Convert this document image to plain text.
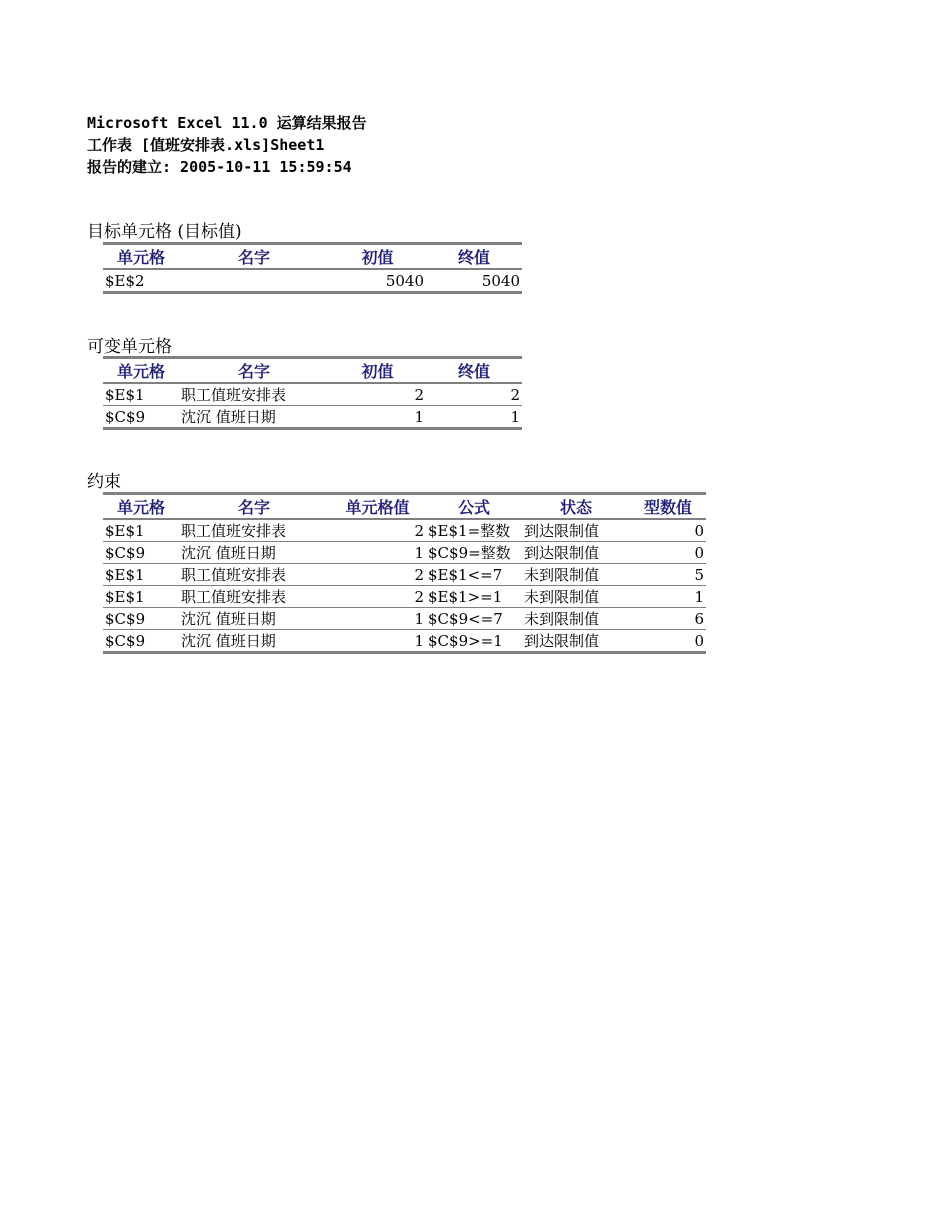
Microsoft Excel 11.0 运算结果报告
工作表 [值班安排表.xls]Sheet1
报告的建立: 2005-10-11 15:59:54
目标单元格 (目标值)
单元格	名字	初值	终值
$E$2		5040	5040
可变单元格
单元格	名字	初值	终值
$E$1	职工值班安排表	2	2
$C$9	沈沉 值班日期	1	1
约束
单元格	名字	单元格值	公式	状态	型数值
$E$1	职工值班安排表	2	$E$1=整数	到达限制值	0
$C$9	沈沉 值班日期	1	$C$9=整数	到达限制值	0
$E$1	职工值班安排表	2	$E$1<=7	未到限制值	5
$E$1	职工值班安排表	2	$E$1>=1	未到限制值	1
$C$9	沈沉 值班日期	1	$C$9<=7	未到限制值	6
$C$9	沈沉 值班日期	1	$C$9>=1	到达限制值	0
